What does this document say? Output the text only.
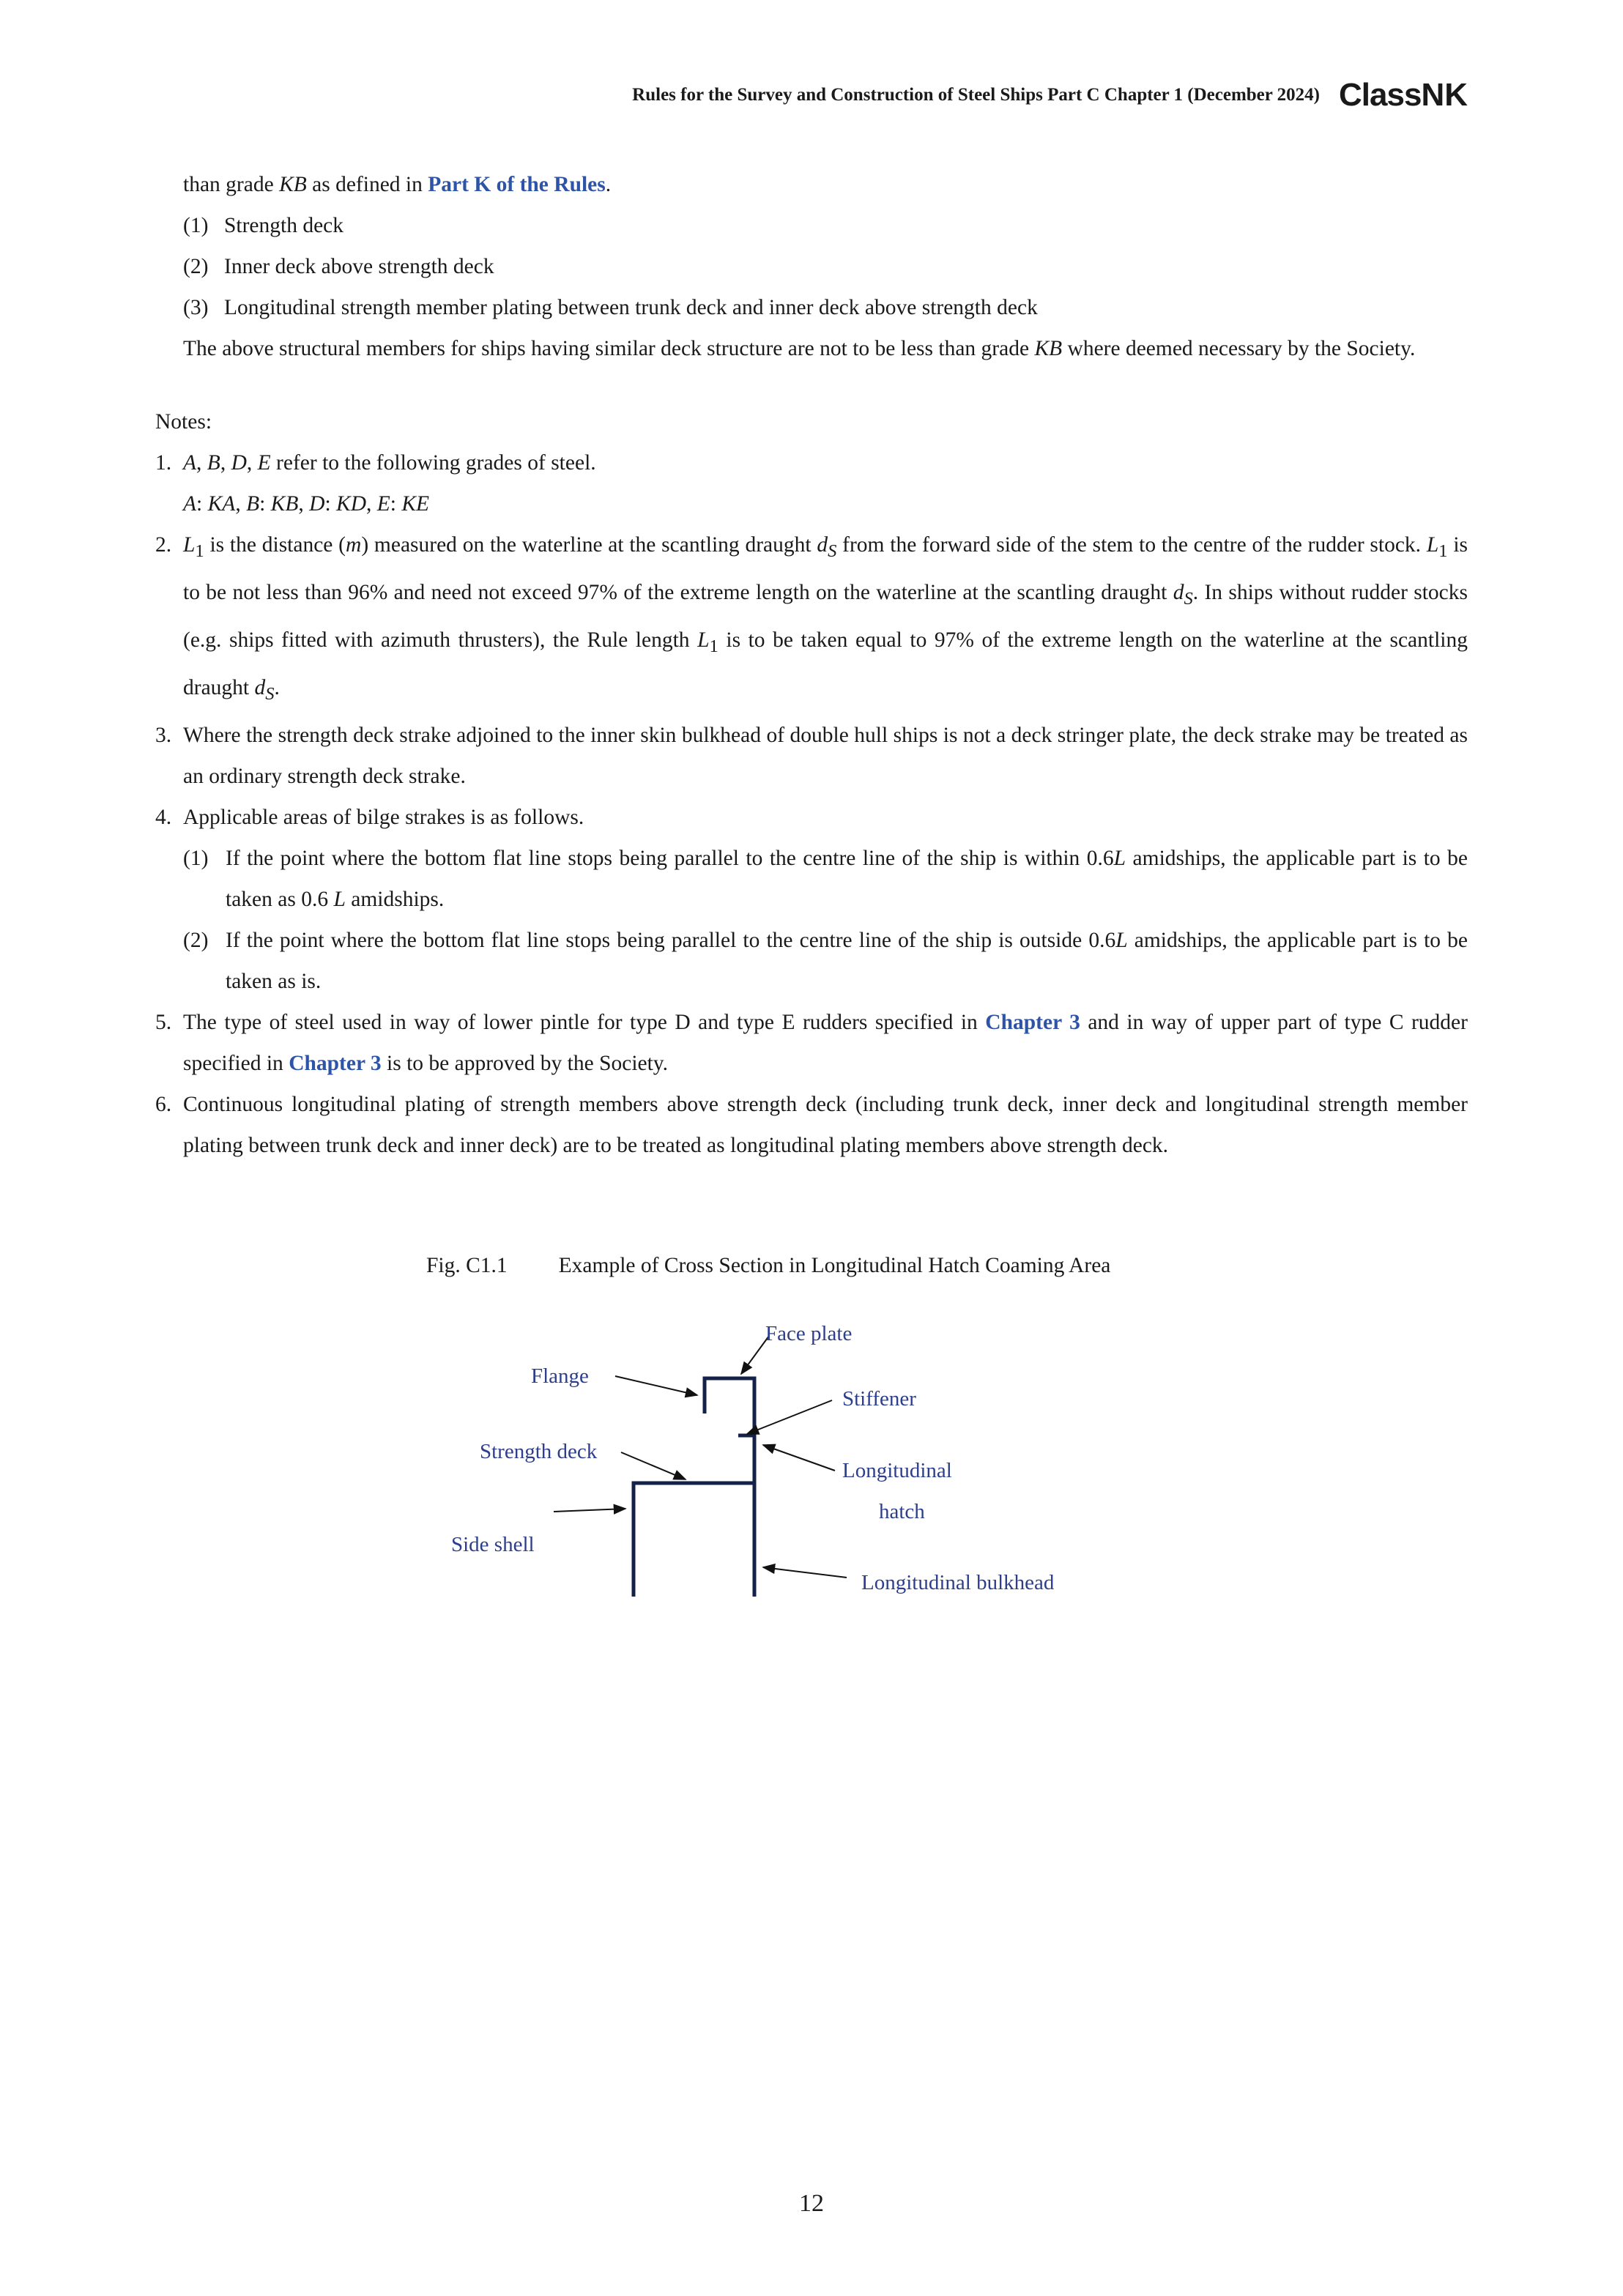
Rules for the Survey and Construction of Steel Ships Part C Chapter 1 (December 2024) ClassNK

than grade KB as defined in Part K of the Rules.

(1) Strength deck
(2) Inner deck above strength deck
(3) Longitudinal strength member plating between trunk deck and inner deck above strength deck

The above structural members for ships having similar deck structure are not to be less than grade KB where deemed necessary by the Society.

Notes:

1. A, B, D, E refer to the following grades of steel.
A: KA, B: KB, D: KD, E: KE
2. $L_1$ is the distance (m) measured on the waterline at the scantling draught $d_S$ from the forward side of the stem to the centre of the rudder stock. $L_1$ is to be not less than 96% and need not exceed 97% of the extreme length on the waterline at the scantling draught $d_S$. In ships without rudder stocks (e.g. ships fitted with azimuth thrusters), the Rule length $L_1$ is to be taken equal to 97% of the extreme length on the waterline at the scantling draught $d_S$.
3. Where the strength deck strake adjoined to the inner skin bulkhead of double hull ships is not a deck stringer plate, the deck strake may be treated as an ordinary strength deck strake.
4. Applicable areas of bilge strakes is as follows.
(1) If the point where the bottom flat line stops being parallel to the centre line of the ship is within 0.6L amidships, the applicable part is to be taken as 0.6 L amidships.
(2) If the point where the bottom flat line stops being parallel to the centre line of the ship is outside 0.6L amidships, the applicable part is to be taken as is.
5. The type of steel used in way of lower pintle for type D and type E rudders specified in Chapter 3 and in way of upper part of type C rudder specified in Chapter 3 is to be approved by the Society.
6. Continuous longitudinal plating of strength members above strength deck (including trunk deck, inner deck and longitudinal strength member plating between trunk deck and inner deck) are to be treated as longitudinal plating members above strength deck.
Fig. C1.1 Example of Cross Section in Longitudinal Hatch Coaming Area
Face plate
Flange
Stiffener
Strength deck
Longitudinal
hatch
Side shell
Longitudinal bulkhead
12
